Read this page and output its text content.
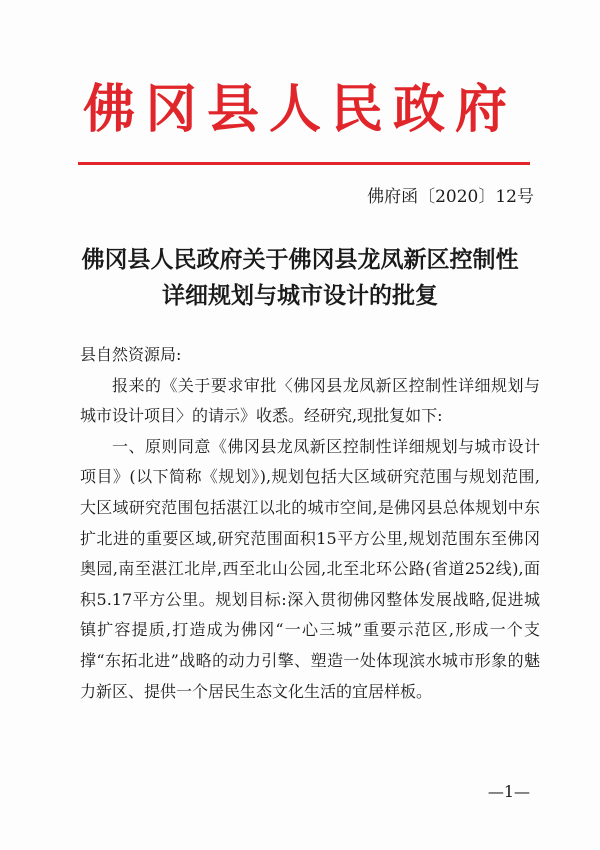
佛冈县人民政府
佛府函〔2020〕12号
佛冈县人民政府关于佛冈县龙凤新区控制性
详细规划与城市设计的批复

县自然资源局:

报来的《关于要求审批〈佛冈县龙凤新区控制性详细规划与城市设计项目〉的请示》收悉。经研究,现批复如下:

一、原则同意《佛冈县龙凤新区控制性详细规划与城市设计项目》(以下简称《规划》),规划包括大区域研究范围与规划范围,大区域研究范围包括湛江以北的城市空间,是佛冈县总体规划中东扩北进的重要区域,研究范围面积15平方公里,规划范围东至佛冈奥园,南至湛江北岸,西至北山公园,北至北环公路(省道252线),面积5.17平方公里。规划目标:深入贯彻佛冈整体发展战略,促进城镇扩容提质,打造成为佛冈“一心三城”重要示范区,形成一个支撑“东拓北进”战略的动力引擎、塑造一处体现滨水城市形象的魅力新区、提供一个居民生态文化生活的宜居样板。

—1—
